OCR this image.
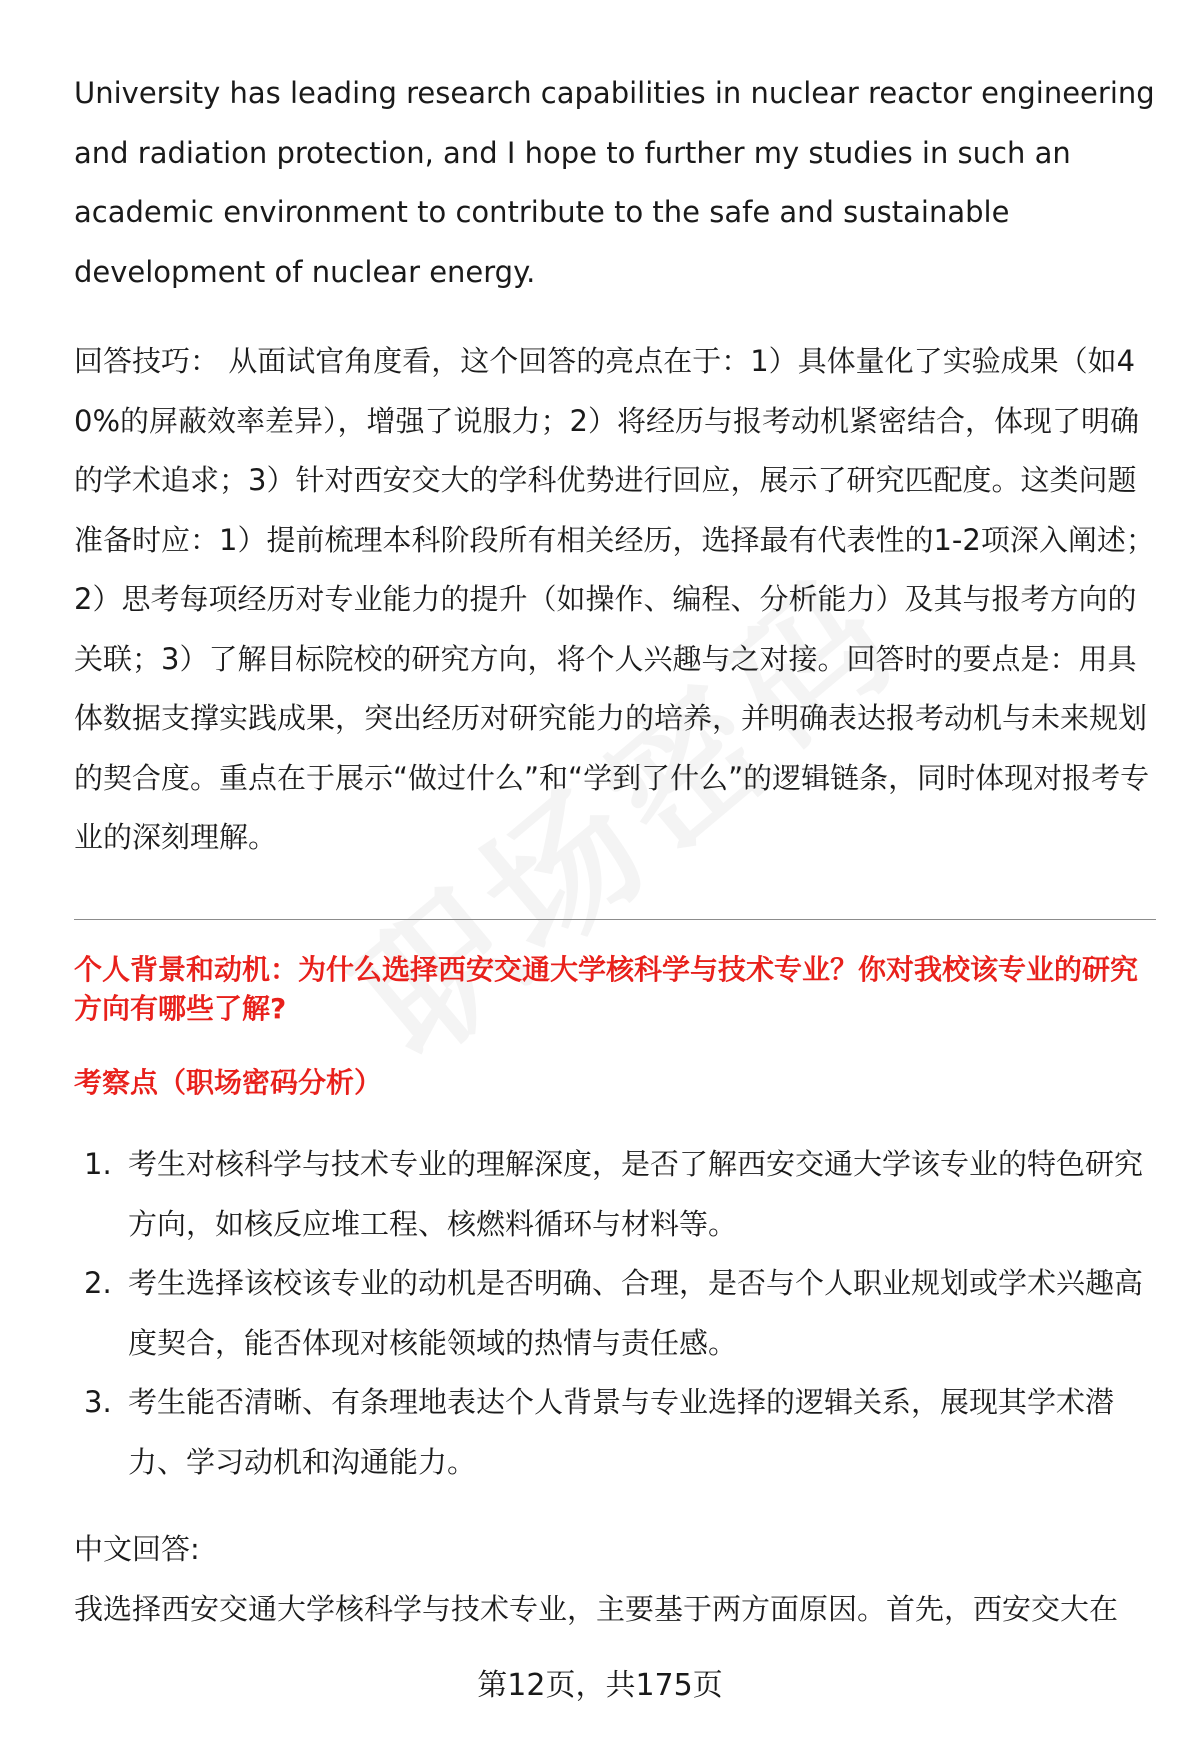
University has leading research capabilities in nuclear reactor engineering and radiation protection, and I hope to further my studies in such an academic environment to contribute to the safe and sustainable development of nuclear energy.

回答技巧： 从面试官角度看，这个回答的亮点在于：1）具体量化了实验成果（如40%的屏蔽效率差异），增强了说服力；2）将经历与报考动机紧密结合，体现了明确的学术追求；3）针对西安交大的学科优势进行回应，展示了研究匹配度。这类问题准备时应：1）提前梳理本科阶段所有相关经历，选择最有代表性的1-2项深入阐述；2）思考每项经历对专业能力的提升（如操作、编程、分析能力）及其与报考方向的关联；3）了解目标院校的研究方向，将个人兴趣与之对接。回答时的要点是：用具体数据支撑实践成果，突出经历对研究能力的培养，并明确表达报考动机与未来规划的契合度。重点在于展示“做过什么”和“学到了什么”的逻辑链条，同时体现对报考专业的深刻理解。

个人背景和动机：为什么选择西安交通大学核科学与技术专业？你对我校该专业的研究方向有哪些了解?

考察点（职场密码分析）

1. 考生对核科学与技术专业的理解深度，是否了解西安交通大学该专业的特色研究方向，如核反应堆工程、核燃料循环与材料等。
2. 考生选择该校该专业的动机是否明确、合理，是否与个人职业规划或学术兴趣高度契合，能否体现对核能领域的热情与责任感。
3. 考生能否清晰、有条理地表达个人背景与专业选择的逻辑关系，展现其学术潜力、学习动机和沟通能力。

中文回答:

我选择西安交通大学核科学与技术专业，主要基于两方面原因。首先，西安交大在

第12页，共175页
